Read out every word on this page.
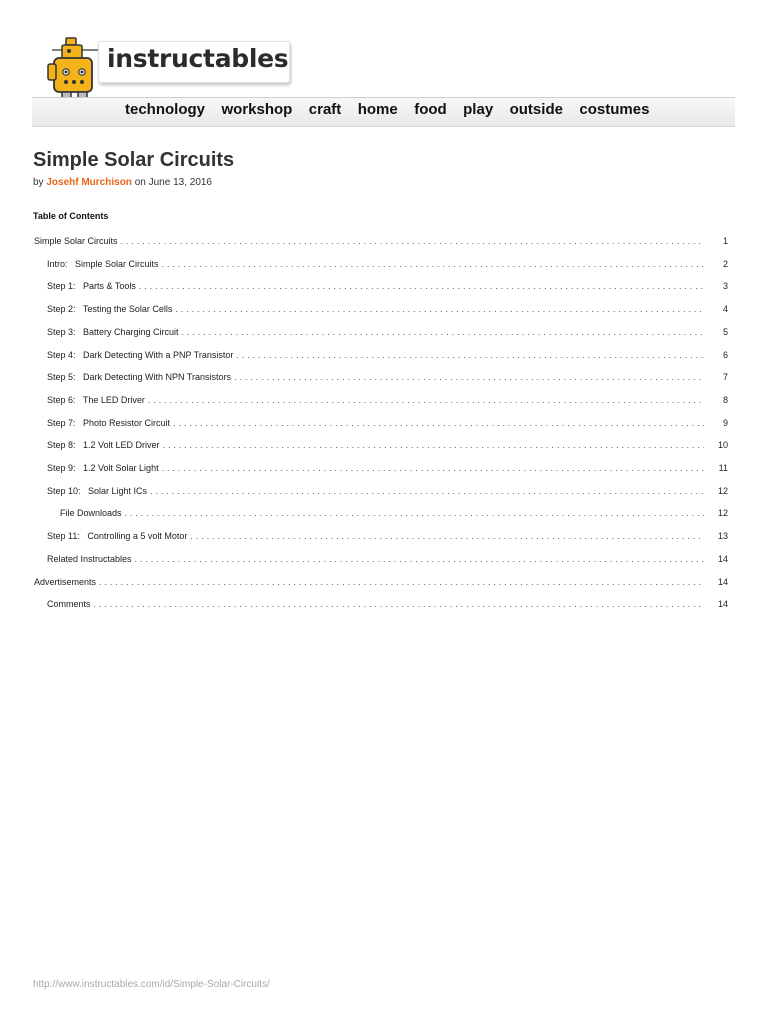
instructables
technology workshop craft home food play outside costumes
Simple Solar Circuits
by Josehf Murchison on June 13, 2016
Table of Contents
Simple Solar Circuits . . .	1
Intro:   Simple Solar Circuits . . .	2
Step 1:   Parts & Tools . . .	3
Step 2:   Testing the Solar Cells . . .	4
Step 3:   Battery Charging Circuit . . .	5
Step 4:   Dark Detecting With a PNP Transistor . . .	6
Step 5:   Dark Detecting With NPN Transistors . . .	7
Step 6:   The LED Driver . . .	8
Step 7:   Photo Resistor Circuit . . .	9
Step 8:   1.2 Volt LED Driver . . .	10
Step 9:   1.2 Volt Solar Light . . .	11
Step 10:   Solar Light ICs . . .	12
File Downloads . . .	12
Step 11:   Controlling a 5 volt Motor . . .	13
Related Instructables . . .	14
Advertisements . . .	14
Comments . . .	14
http://www.instructables.com/id/Simple-Solar-Circuits/
